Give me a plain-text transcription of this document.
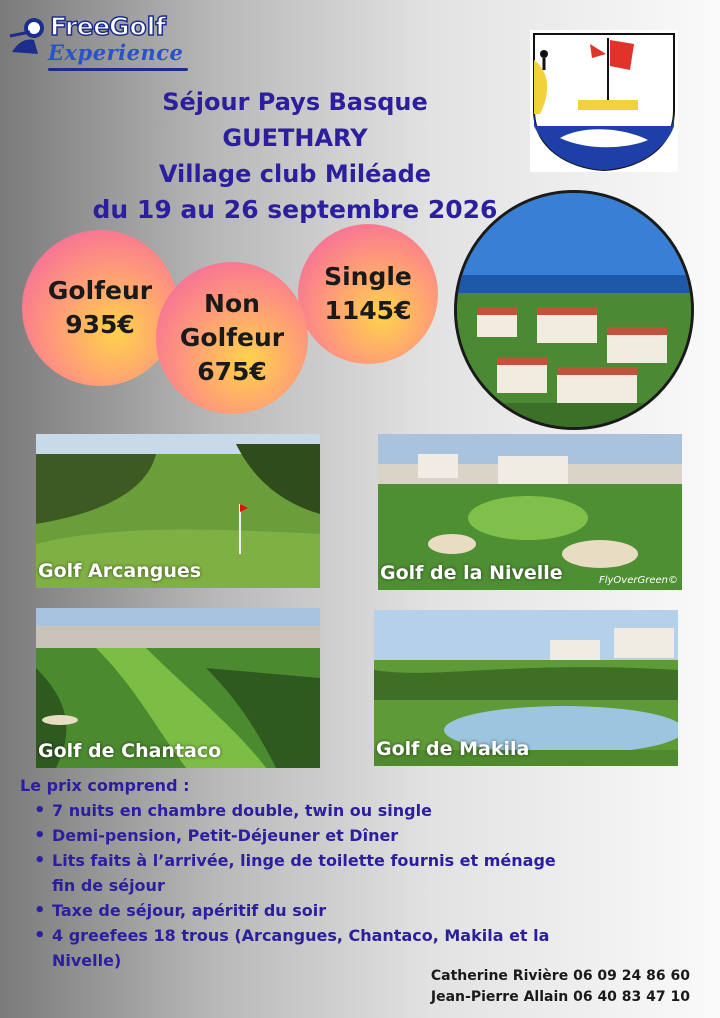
Free Golf
Experience
Séjour Pays Basque
GUETHARY
Village club Miléade
du 19 au 26 septembre 2026
Golfeur
935€
Single
1145€
Non
Golfeur
675€
Golf Arcangues	Golf de la Nivelle	FlyOverGreen©
Golf de Chantaco	Golf de Makila
Le prix comprend :
• 7 nuits en chambre double, twin ou single
• Demi-pension, Petit-Déjeuner et Dîner
• Lits faits à l’arrivée, linge de toilette fournis et ménage fin de séjour
• Taxe de séjour, apéritif du soir
• 4 greefees 18 trous (Arcangues, Chantaco, Makila et la Nivelle)
Catherine Rivière 06 09 24 86 60
Jean-Pierre Allain 06 40 83 47 10
